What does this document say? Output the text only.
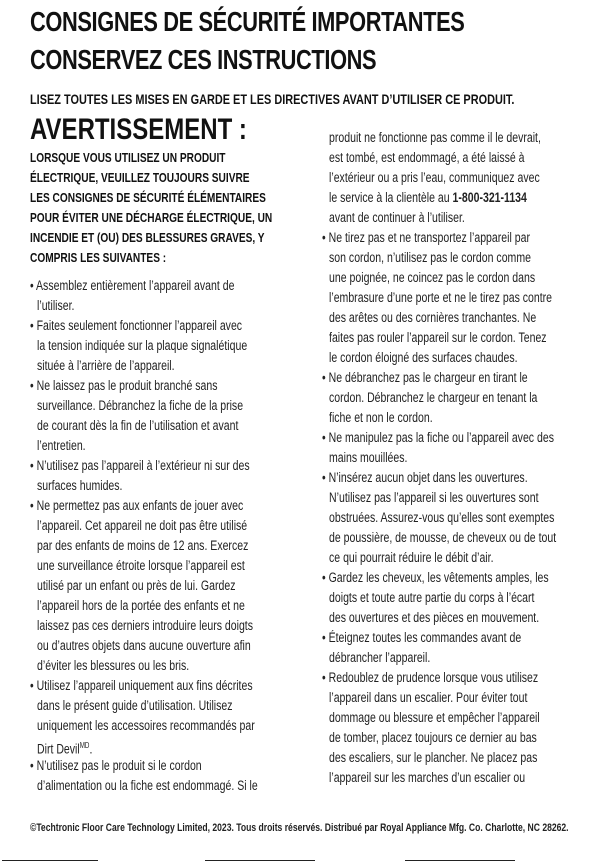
CONSIGNES DE SÉCURITÉ IMPORTANTES
CONSERVEZ CES INSTRUCTIONS
LISEZ TOUTES LES MISES EN GARDE ET LES DIRECTIVES AVANT D’UTILISER CE PRODUIT.
AVERTISSEMENT :
LORSQUE VOUS UTILISEZ UN PRODUIT
ÉLECTRIQUE, VEUILLEZ TOUJOURS SUIVRE
LES CONSIGNES DE SÉCURITÉ ÉLÉMENTAIRES
POUR ÉVITER UNE DÉCHARGE ÉLECTRIQUE, UN
INCENDIE ET (OU) DES BLESSURES GRAVES, Y
COMPRIS LES SUIVANTES :
• Assemblez entièrement l’appareil avant de
l’utiliser.
• Faites seulement fonctionner l’appareil avec
la tension indiquée sur la plaque signalétique
située à l’arrière de l’appareil.
• Ne laissez pas le produit branché sans
surveillance. Débranchez la fiche de la prise
de courant dès la fin de l’utilisation et avant
l’entretien.
• N’utilisez pas l’appareil à l’extérieur ni sur des
surfaces humides.
• Ne permettez pas aux enfants de jouer avec
l’appareil. Cet appareil ne doit pas être utilisé
par des enfants de moins de 12 ans. Exercez
une surveillance étroite lorsque l’appareil est
utilisé par un enfant ou près de lui. Gardez
l’appareil hors de la portée des enfants et ne
laissez pas ces derniers introduire leurs doigts
ou d’autres objets dans aucune ouverture afin
d’éviter les blessures ou les bris.
• Utilisez l’appareil uniquement aux fins décrites
dans le présent guide d’utilisation. Utilisez
uniquement les accessoires recommandés par
Dirt Devil$^{MD}$.
• N’utilisez pas le produit si le cordon
d’alimentation ou la fiche est endommagé. Si le
produit ne fonctionne pas comme il le devrait,
est tombé, est endommagé, a été laissé à
l’extérieur ou a pris l’eau, communiquez avec
le service à la clientèle au 1-800-321-1134
avant de continuer à l’utiliser.
• Ne tirez pas et ne transportez l’appareil par
son cordon, n’utilisez pas le cordon comme
une poignée, ne coincez pas le cordon dans
l’embrasure d’une porte et ne le tirez pas contre
des arêtes ou des cornières tranchantes. Ne
faites pas rouler l’appareil sur le cordon. Tenez
le cordon éloigné des surfaces chaudes.
• Ne débranchez pas le chargeur en tirant le
cordon. Débranchez le chargeur en tenant la
fiche et non le cordon.
• Ne manipulez pas la fiche ou l’appareil avec des
mains mouillées.
• N’insérez aucun objet dans les ouvertures.
N’utilisez pas l’appareil si les ouvertures sont
obstruées. Assurez-vous qu’elles sont exemptes
de poussière, de mousse, de cheveux ou de tout
ce qui pourrait réduire le débit d’air.
• Gardez les cheveux, les vêtements amples, les
doigts et toute autre partie du corps à l’écart
des ouvertures et des pièces en mouvement.
• Éteignez toutes les commandes avant de
débrancher l’appareil.
• Redoublez de prudence lorsque vous utilisez
l’appareil dans un escalier. Pour éviter tout
dommage ou blessure et empêcher l’appareil
de tomber, placez toujours ce dernier au bas
des escaliers, sur le plancher. Ne placez pas
l’appareil sur les marches d’un escalier ou
©Techtronic Floor Care Technology Limited, 2023. Tous droits réservés. Distribué par Royal Appliance Mfg. Co. Charlotte, NC 28262.
